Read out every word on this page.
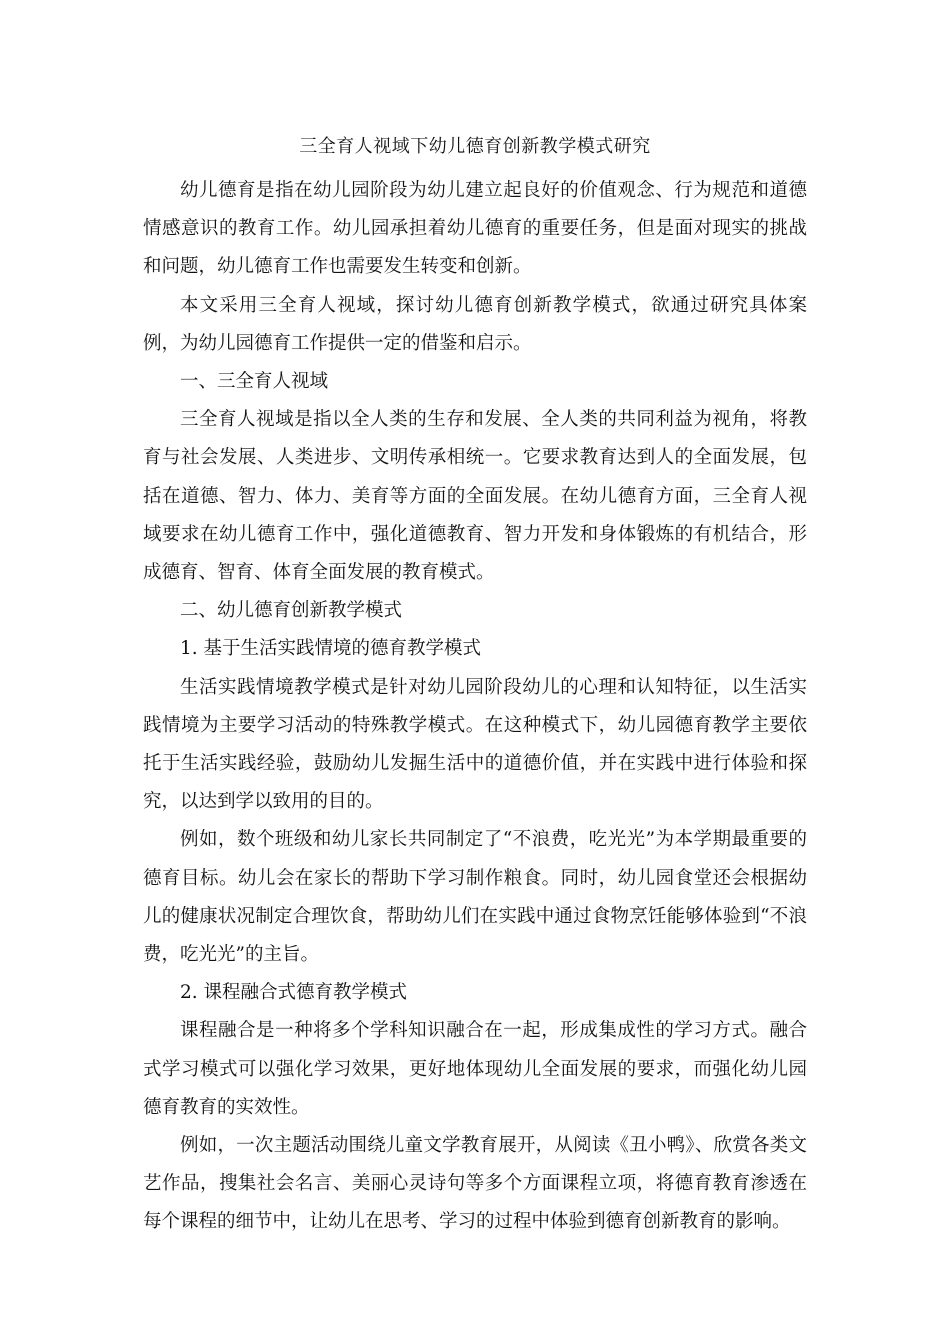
三全育人视域下幼儿德育创新教学模式研究

幼儿德育是指在幼儿园阶段为幼儿建立起良好的价值观念、行为规范和道德情感意识的教育工作。幼儿园承担着幼儿德育的重要任务，但是面对现实的挑战和问题，幼儿德育工作也需要发生转变和创新。

本文采用三全育人视域，探讨幼儿德育创新教学模式，欲通过研究具体案例，为幼儿园德育工作提供一定的借鉴和启示。

一、三全育人视域

三全育人视域是指以全人类的生存和发展、全人类的共同利益为视角，将教育与社会发展、人类进步、文明传承相统一。它要求教育达到人的全面发展，包括在道德、智力、体力、美育等方面的全面发展。在幼儿德育方面，三全育人视域要求在幼儿德育工作中，强化道德教育、智力开发和身体锻炼的有机结合，形成德育、智育、体育全面发展的教育模式。

二、幼儿德育创新教学模式

1. 基于生活实践情境的德育教学模式

生活实践情境教学模式是针对幼儿园阶段幼儿的心理和认知特征，以生活实践情境为主要学习活动的特殊教学模式。在这种模式下，幼儿园德育教学主要依托于生活实践经验，鼓励幼儿发掘生活中的道德价值，并在实践中进行体验和探究，以达到学以致用的目的。

例如，数个班级和幼儿家长共同制定了“不浪费，吃光光”为本学期最重要的德育目标。幼儿会在家长的帮助下学习制作粮食。同时，幼儿园食堂还会根据幼儿的健康状况制定合理饮食，帮助幼儿们在实践中通过食物烹饪能够体验到“不浪费，吃光光”的主旨。

2. 课程融合式德育教学模式

课程融合是一种将多个学科知识融合在一起，形成集成性的学习方式。融合式学习模式可以强化学习效果，更好地体现幼儿全面发展的要求，而强化幼儿园德育教育的实效性。

例如，一次主题活动围绕儿童文学教育展开，从阅读《丑小鸭》、欣赏各类文艺作品，搜集社会名言、美丽心灵诗句等多个方面课程立项，将德育教育渗透在每个课程的细节中，让幼儿在思考、学习的过程中体验到德育创新教育的影响。
